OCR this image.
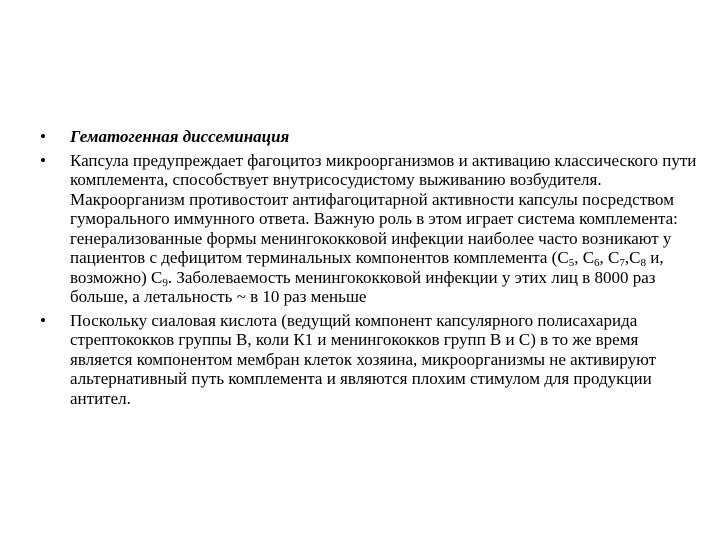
•	Гематогенная диссеминация
•	Капсула предупреждает фагоцитоз микроорганизмов и активацию классического пути комплемента, способствует внутрисосудистому выживанию возбудителя. Макроорганизм противостоит антифагоцитарной активности капсулы посредством гуморального иммунного ответа. Важную роль в этом играет система комплемента: генерализованные формы менингококковой инфекции наиболее часто возникают у пациентов с дефицитом терминальных компонентов комплемента ($С_5$, $С_6$, $С_7,С_8$ и, возможно) $С_9$. Заболеваемость менингококковой инфекции у этих лиц в 8000 раз больше, а летальность ~ в 10 раз меньше
•	Поскольку сиаловая кислота (ведущий компонент капсулярного полисахарида стрептококков группы В, коли К1 и менингококков групп В и С) в то же время является компонентом мембран клеток хозяина, микроорганизмы не активируют альтернативный путь комплемента и являются плохим стимулом для продукции антител.
